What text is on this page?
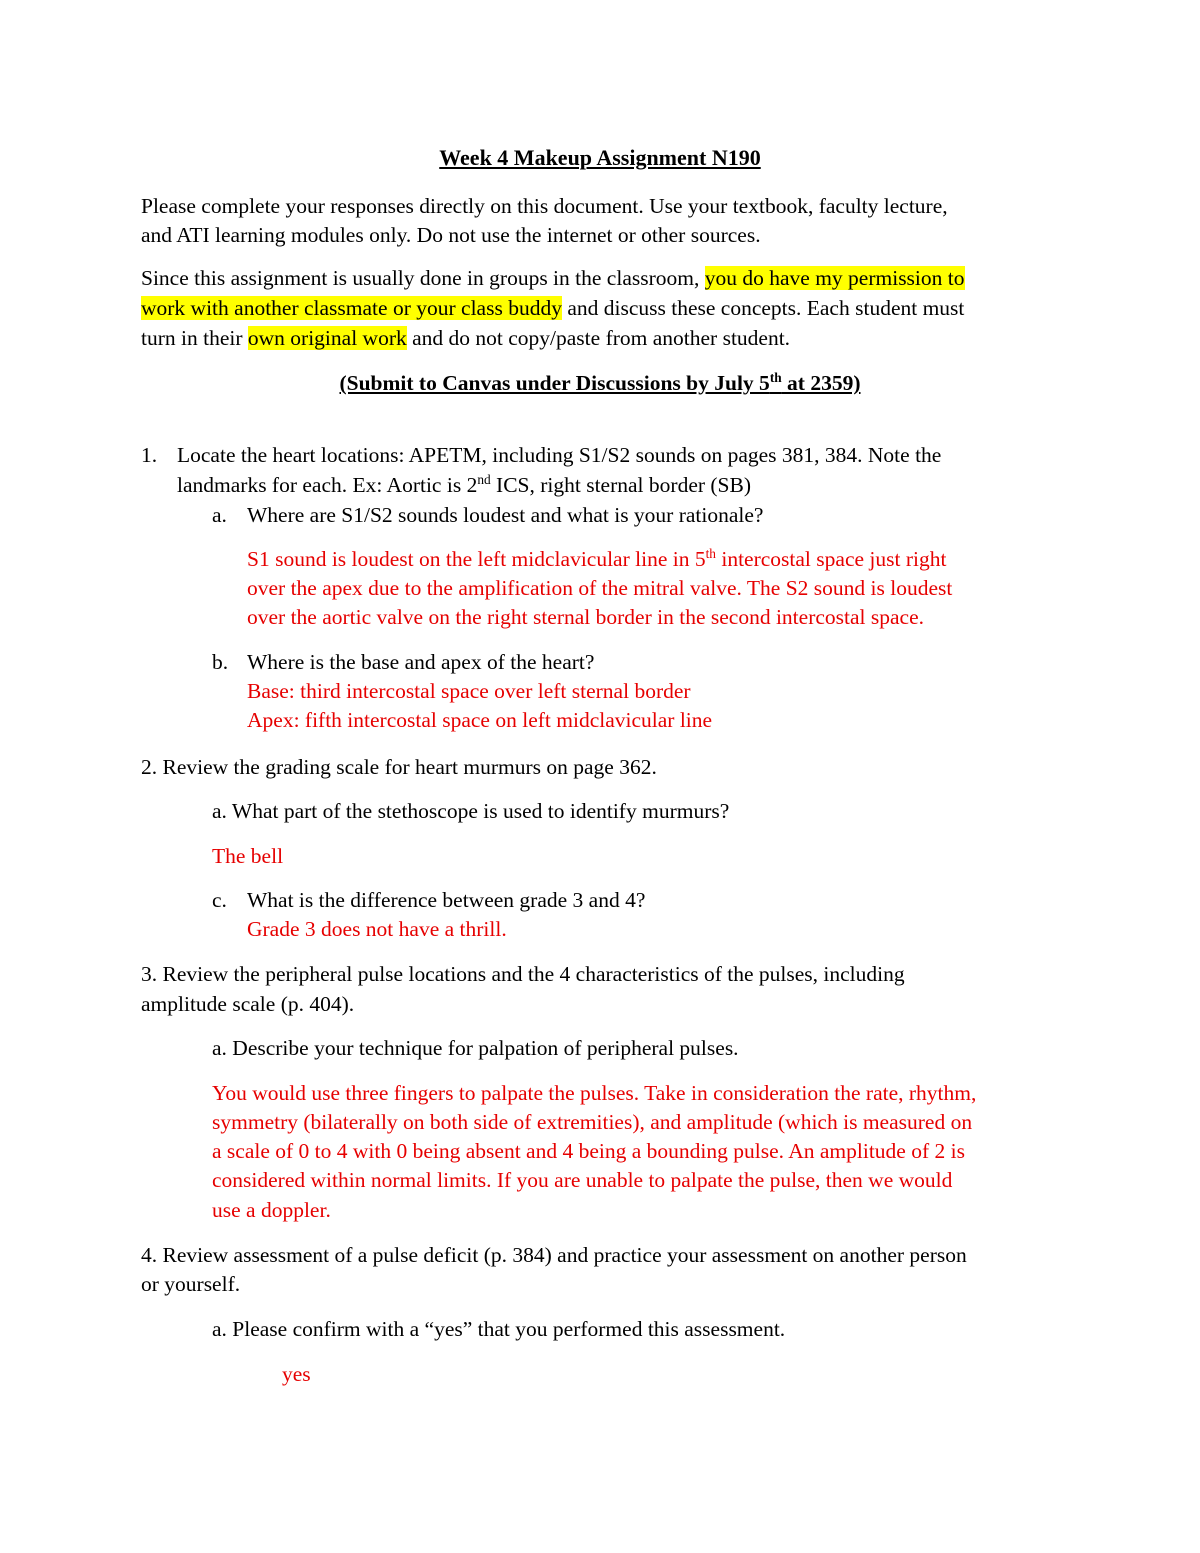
Week 4 Makeup Assignment N190
Please complete your responses directly on this document. Use your textbook, faculty lecture,
and ATI learning modules only. Do not use the internet or other sources.
Since this assignment is usually done in groups in the classroom, you do have my permission to
work with another classmate or your class buddy and discuss these concepts. Each student must
turn in their own original work and do not copy/paste from another student.
(Submit to Canvas under Discussions by July 5th at 2359)
1. Locate the heart locations: APETM, including S1/S2 sounds on pages 381, 384. Note the
landmarks for each. Ex: Aortic is 2nd ICS, right sternal border (SB)
a. Where are S1/S2 sounds loudest and what is your rationale?
S1 sound is loudest on the left midclavicular line in 5th intercostal space just right
over the apex due to the amplification of the mitral valve. The S2 sound is loudest
over the aortic valve on the right sternal border in the second intercostal space.
b. Where is the base and apex of the heart?
Base: third intercostal space over left sternal border
Apex: fifth intercostal space on left midclavicular line
2. Review the grading scale for heart murmurs on page 362.
a. What part of the stethoscope is used to identify murmurs?
The bell
c. What is the difference between grade 3 and 4?
Grade 3 does not have a thrill.
3. Review the peripheral pulse locations and the 4 characteristics of the pulses, including
amplitude scale (p. 404).
a. Describe your technique for palpation of peripheral pulses.
You would use three fingers to palpate the pulses. Take in consideration the rate, rhythm,
symmetry (bilaterally on both side of extremities), and amplitude (which is measured on
a scale of 0 to 4 with 0 being absent and 4 being a bounding pulse. An amplitude of 2 is
considered within normal limits. If you are unable to palpate the pulse, then we would
use a doppler.
4. Review assessment of a pulse deficit (p. 384) and practice your assessment on another person
or yourself.
a. Please confirm with a “yes” that you performed this assessment.
yes
